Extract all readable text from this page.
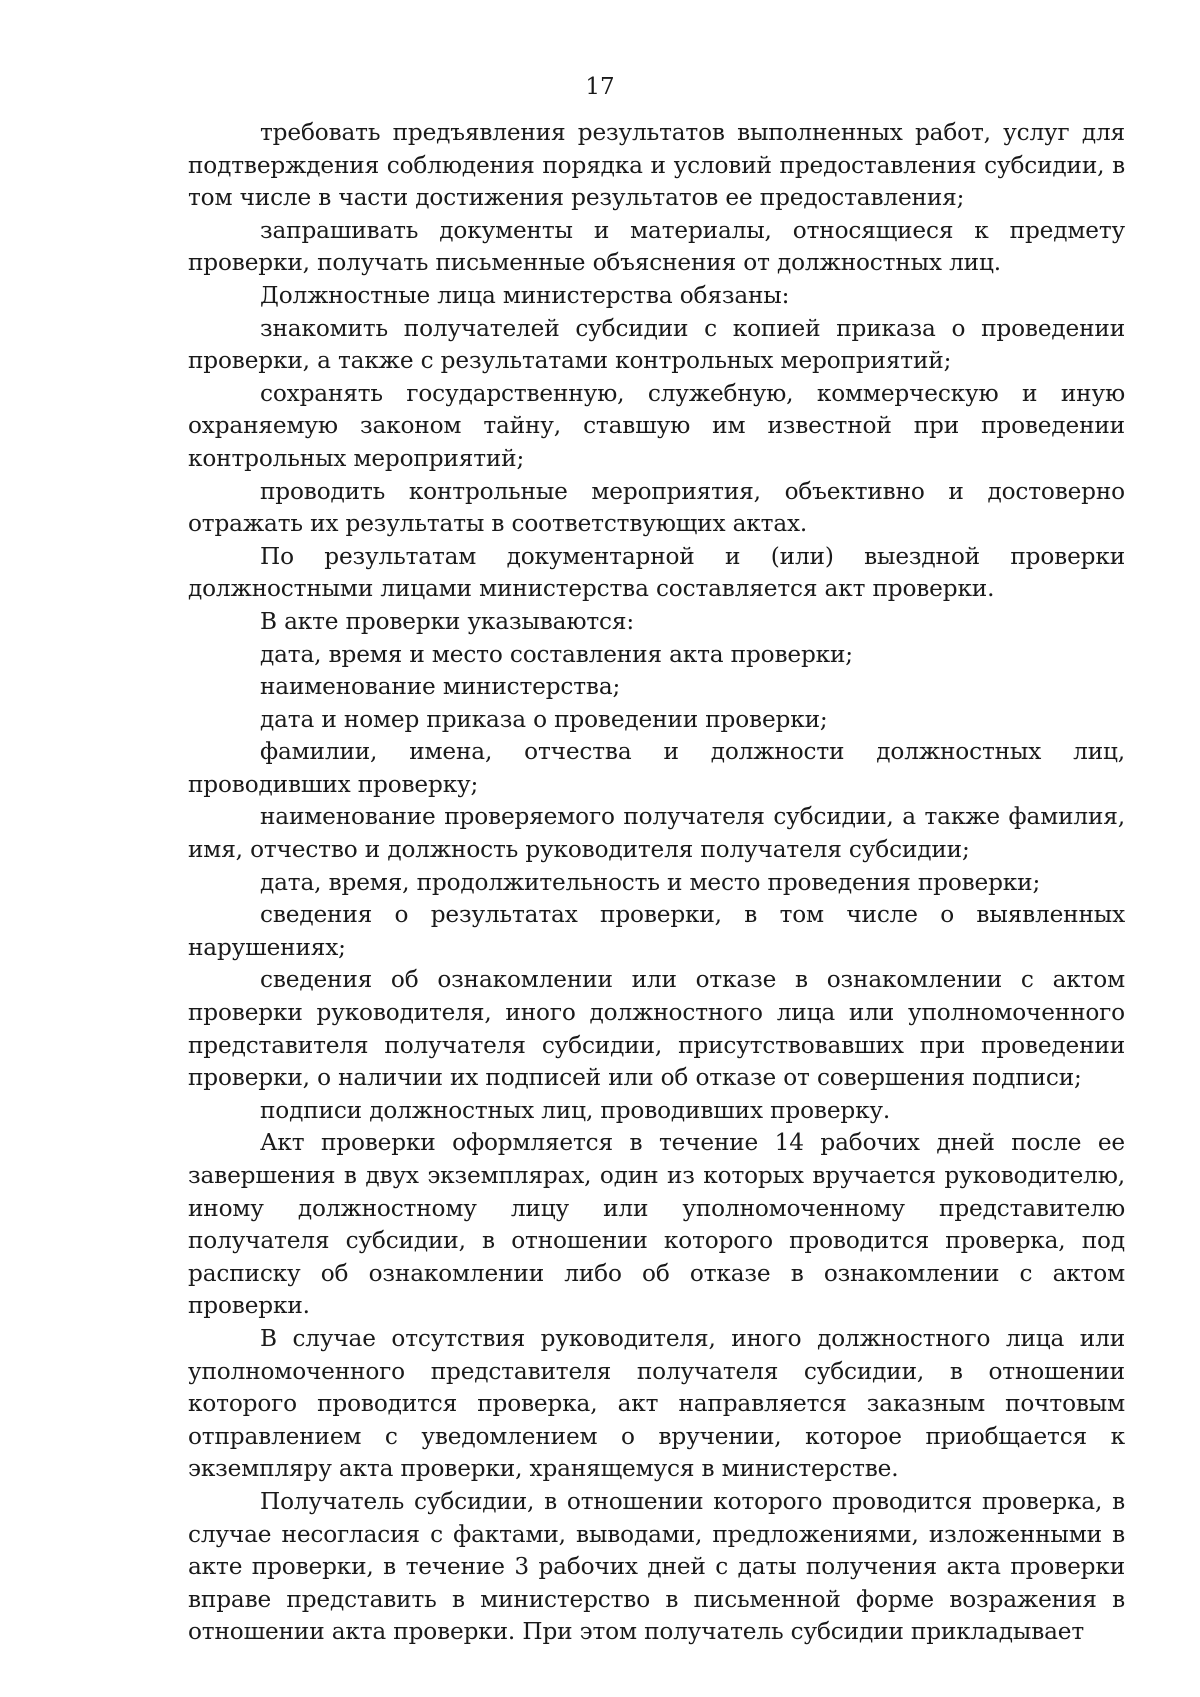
17

требовать предъявления результатов выполненных работ, услуг для подтверждения соблюдения порядка и условий предоставления субсидии, в том числе в части достижения результатов ее предоставления;

запрашивать документы и материалы, относящиеся к предмету проверки, получать письменные объяснения от должностных лиц.

Должностные лица министерства обязаны:

знакомить получателей субсидии с копией приказа о проведении проверки, а также с результатами контрольных мероприятий;

сохранять государственную, служебную, коммерческую и иную охраняемую законом тайну, ставшую им известной при проведении контрольных мероприятий;

проводить контрольные мероприятия, объективно и достоверно отражать их результаты в соответствующих актах.

По результатам документарной и (или) выездной проверки должностными лицами министерства составляется акт проверки.

В акте проверки указываются:

дата, время и место составления акта проверки;

наименование министерства;

дата и номер приказа о проведении проверки;

фамилии, имена, отчества и должности должностных лиц, проводивших проверку;

наименование проверяемого получателя субсидии, а также фамилия, имя, отчество и должность руководителя получателя субсидии;

дата, время, продолжительность и место проведения проверки;

сведения о результатах проверки, в том числе о выявленных нарушениях;

сведения об ознакомлении или отказе в ознакомлении с актом проверки руководителя, иного должностного лица или уполномоченного представителя получателя субсидии, присутствовавших при проведении проверки, о наличии их подписей или об отказе от совершения подписи;

подписи должностных лиц, проводивших проверку.

Акт проверки оформляется в течение 14 рабочих дней после ее завершения в двух экземплярах, один из которых вручается руководителю, иному должностному лицу или уполномоченному представителю получателя субсидии, в отношении которого проводится проверка, под расписку об ознакомлении либо об отказе в ознакомлении с актом проверки.

В случае отсутствия руководителя, иного должностного лица или уполномоченного представителя получателя субсидии, в отношении которого проводится проверка, акт направляется заказным почтовым отправлением с уведомлением о вручении, которое приобщается к экземпляру акта проверки, хранящемуся в министерстве.

Получатель субсидии, в отношении которого проводится проверка, в случае несогласия с фактами, выводами, предложениями, изложенными в акте проверки, в течение 3 рабочих дней с даты получения акта проверки вправе представить в министерство в письменной форме возражения в отношении акта проверки. При этом получатель субсидии прикладывает
